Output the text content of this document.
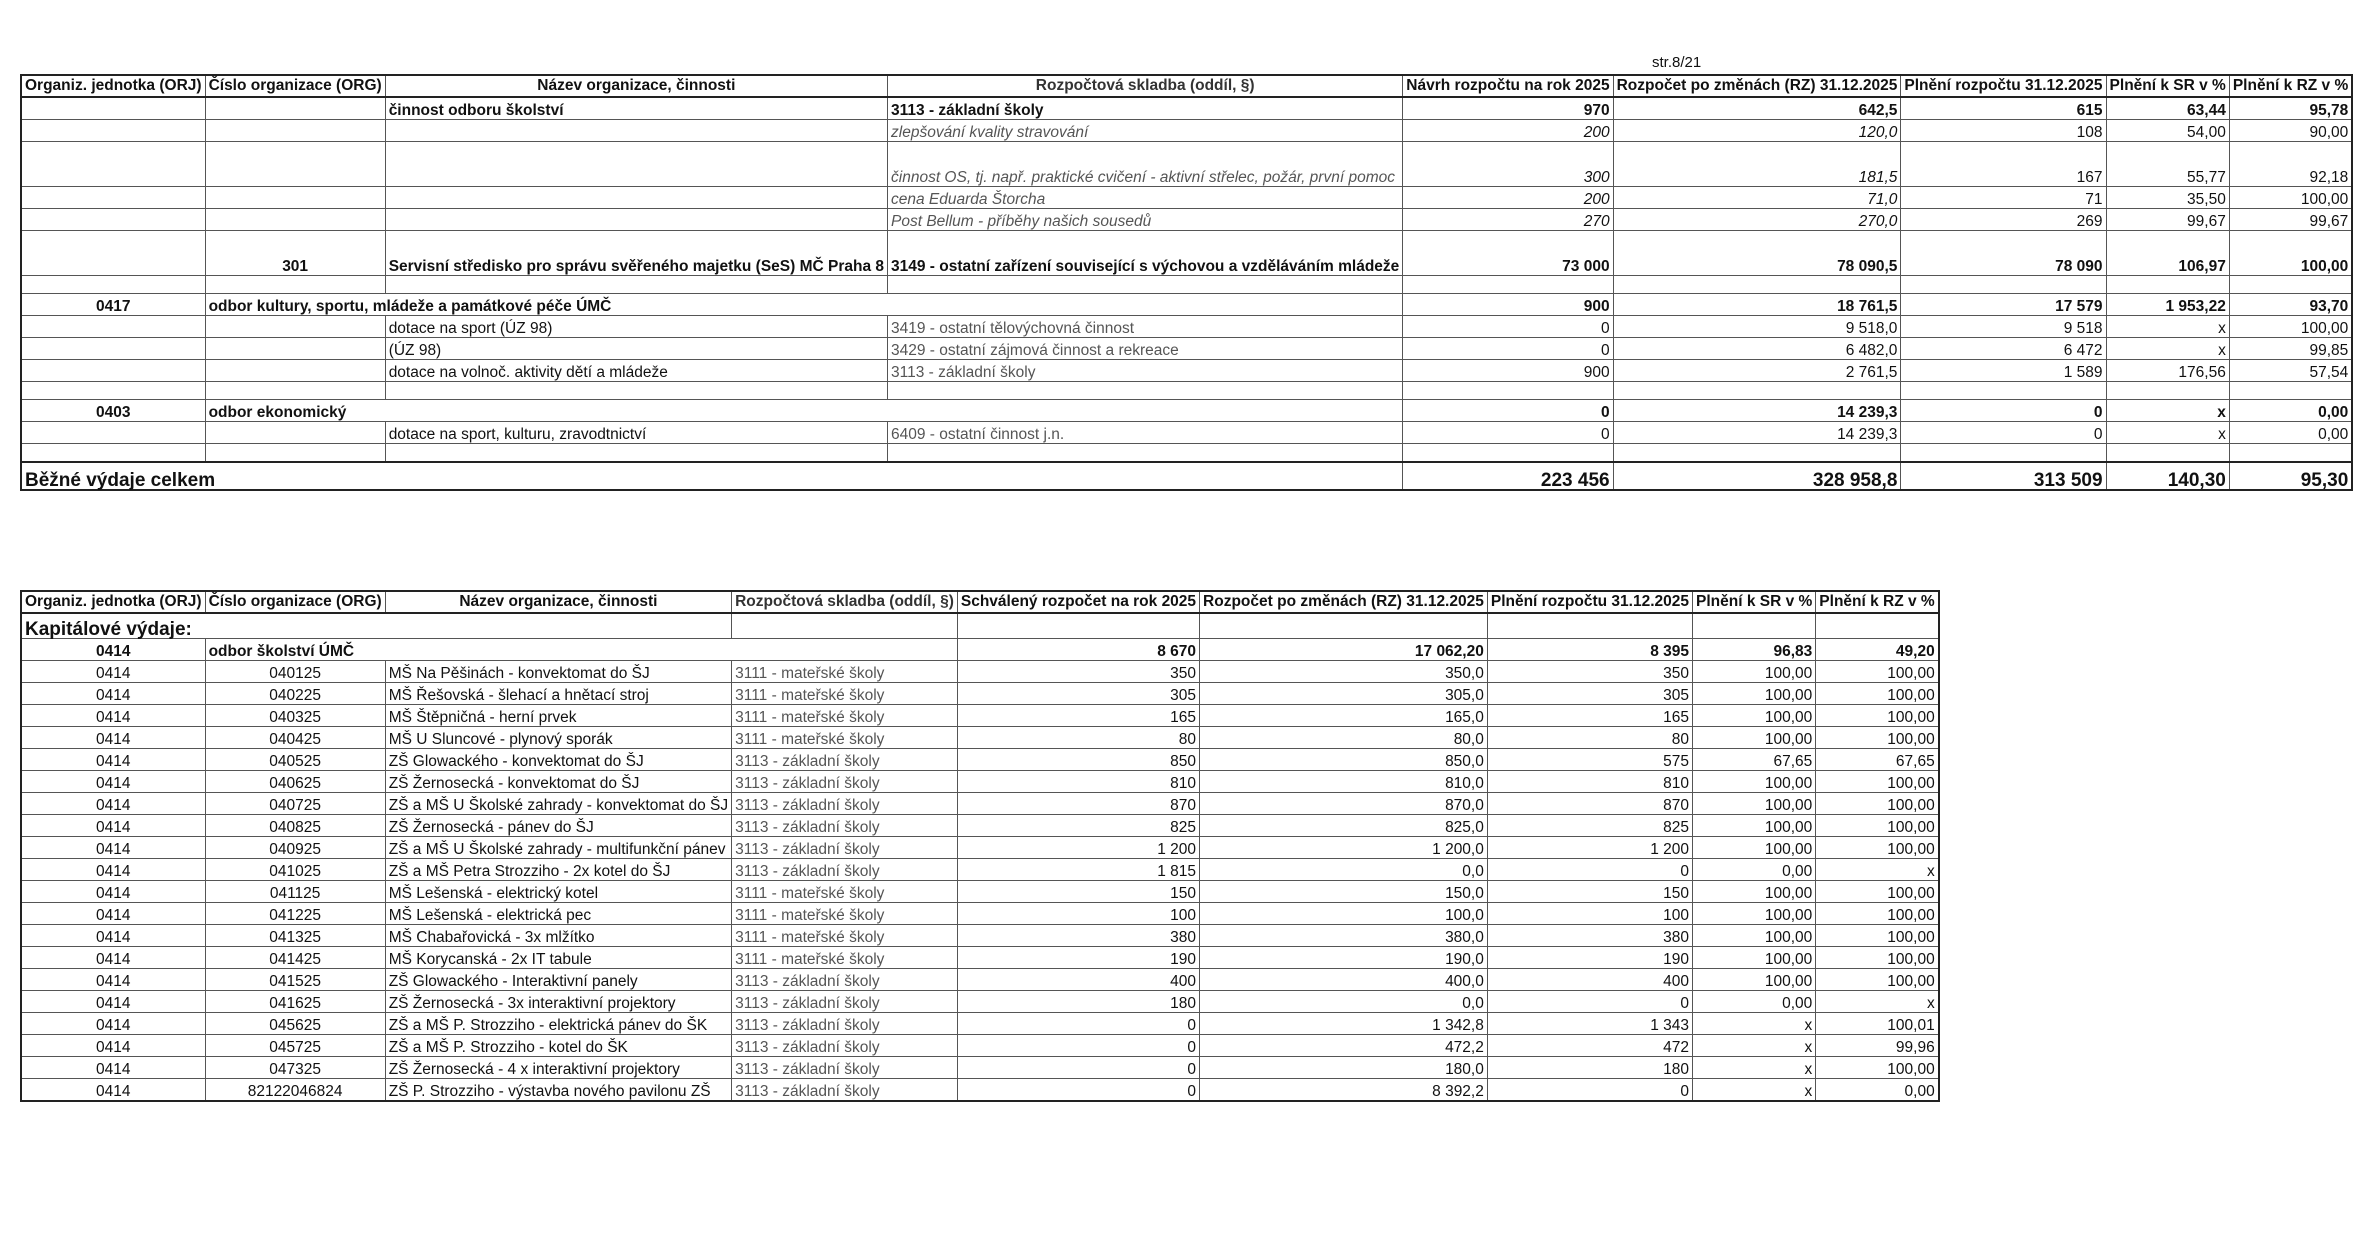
str.8/21
Organiz. jednotka (ORJ)	Číslo organizace (ORG)	Název organizace, činnosti	Rozpočtová skladba (oddíl, §)	Návrh rozpočtu na rok 2025	Rozpočet po změnách (RZ) 31.12.2025	Plnění rozpočtu 31.12.2025	Plnění k SR v %	Plnění k RZ v %
		činnost odboru školství	3113 - základní školy	970	642,5	615	63,44	95,78
			zlepšování kvality stravování	200	120,0	108	54,00	90,00
			činnost OS, tj. např. praktické cvičení - aktivní střelec, požár, první pomoc	300	181,5	167	55,77	92,18
			cena Eduarda Štorcha	200	71,0	71	35,50	100,00
			Post Bellum - příběhy našich sousedů	270	270,0	269	99,67	99,67
	301	Servisní středisko pro správu svěřeného majetku (SeS) MČ Praha 8	3149 - ostatní zařízení související s výchovou a vzděláváním mládeže	73 000	78 090,5	78 090	106,97	100,00

0417	odbor kultury, sportu, mládeže a památkové péče ÚMČ			900	18 761,5	17 579	1 953,22	93,70
		dotace na sport (ÚZ 98)	3419 - ostatní tělovýchovná činnost	0	9 518,0	9 518	x	100,00
		(ÚZ 98)	3429 - ostatní zájmová činnost a rekreace	0	6 482,0	6 472	x	99,85
		dotace na volnoč. aktivity dětí a mládeže	3113 - základní školy	900	2 761,5	1 589	176,56	57,54

0403	odbor ekonomický			0	14 239,3	0	x	0,00
		dotace na sport, kulturu, zravodtnictví	6409 - ostatní činnost j.n.	0	14 239,3	0	x	0,00

Běžné výdaje celkem				223 456	328 958,8	313 509	140,30	95,30
Organiz. jednotka (ORJ)	Číslo organizace (ORG)	Název organizace, činnosti	Rozpočtová skladba (oddíl, §)	Schválený rozpočet na rok 2025	Rozpočet po změnách (RZ) 31.12.2025	Plnění rozpočtu 31.12.2025	Plnění k SR v %	Plnění k RZ v %
Kapitálové výdaje:								
0414	odbor školství ÚMČ			8 670	17 062,20	8 395	96,83	49,20
0414	040125	MŠ Na Pěšinách - konvektomat do ŠJ	3111 - mateřské školy	350	350,0	350	100,00	100,00
0414	040225	MŠ Řešovská - šlehací a hnětací stroj	3111 - mateřské školy	305	305,0	305	100,00	100,00
0414	040325	MŠ Štěpničná - herní prvek	3111 - mateřské školy	165	165,0	165	100,00	100,00
0414	040425	MŠ U Sluncové - plynový sporák	3111 - mateřské školy	80	80,0	80	100,00	100,00
0414	040525	ZŠ Glowackého - konvektomat do ŠJ	3113 - základní školy	850	850,0	575	67,65	67,65
0414	040625	ZŠ Žernosecká - konvektomat do ŠJ	3113 - základní školy	810	810,0	810	100,00	100,00
0414	040725	ZŠ a MŠ U Školské zahrady - konvektomat do ŠJ	3113 - základní školy	870	870,0	870	100,00	100,00
0414	040825	ZŠ Žernosecká - pánev do ŠJ	3113 - základní školy	825	825,0	825	100,00	100,00
0414	040925	ZŠ a MŠ U Školské zahrady - multifunkční pánev	3113 - základní školy	1 200	1 200,0	1 200	100,00	100,00
0414	041025	ZŠ a MŠ Petra Strozziho - 2x kotel do ŠJ	3113 - základní školy	1 815	0,0	0	0,00	x
0414	041125	MŠ Lešenská - elektrický kotel	3111 - mateřské školy	150	150,0	150	100,00	100,00
0414	041225	MŠ Lešenská - elektrická pec	3111 - mateřské školy	100	100,0	100	100,00	100,00
0414	041325	MŠ Chabařovická - 3x mlžítko	3111 - mateřské školy	380	380,0	380	100,00	100,00
0414	041425	MŠ Korycanská - 2x IT tabule	3111 - mateřské školy	190	190,0	190	100,00	100,00
0414	041525	ZŠ Glowackého - Interaktivní panely	3113 - základní školy	400	400,0	400	100,00	100,00
0414	041625	ZŠ Žernosecká - 3x interaktivní projektory	3113 - základní školy	180	0,0	0	0,00	x
0414	045625	ZŠ a MŠ P. Strozziho - elektrická pánev do ŠK	3113 - základní školy	0	1 342,8	1 343	x	100,01
0414	045725	ZŠ a MŠ P. Strozziho - kotel do ŠK	3113 - základní školy	0	472,2	472	x	99,96
0414	047325	ZŠ Žernosecká - 4 x interaktivní projektory	3113 - základní školy	0	180,0	180	x	100,00
0414	82122046824	ZŠ P. Strozziho - výstavba nového pavilonu ZŠ	3113 - základní školy	0	8 392,2	0	x	0,00
